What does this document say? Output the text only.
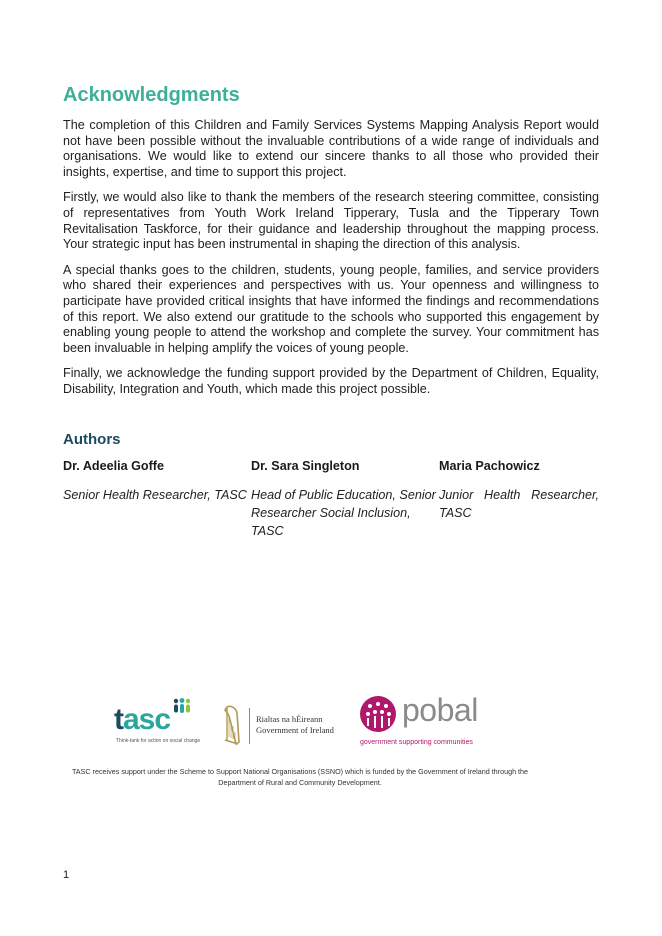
Acknowledgments

The completion of this Children and Family Services Systems Mapping Analysis Report would not have been possible without the invaluable contributions of a wide range of individuals and organisations. We would like to extend our sincere thanks to all those who provided their insights, expertise, and time to support this project.

Firstly, we would also like to thank the members of the research steering committee, consisting of representatives from Youth Work Ireland Tipperary, Tusla and the Tipperary Town Revitalisation Taskforce, for their guidance and leadership throughout the mapping process. Your strategic input has been instrumental in shaping the direction of this analysis.

A special thanks goes to the children, students, young people, families, and service providers who shared their experiences and perspectives with us. Your openness and willingness to participate have provided critical insights that have informed the findings and recommendations of this report. We also extend our gratitude to the schools who supported this engagement by enabling young people to attend the workshop and complete the survey. Your commitment has been invaluable in helping amplify the voices of young people.

Finally, we acknowledge the funding support provided by the Department of Children, Equality, Disability, Integration and Youth, which made this project possible.

Authors

Dr. Adeelia Goffe

Senior Health Researcher, TASC

Dr. Sara Singleton

Head of Public Education, Senior Researcher Social Inclusion, TASC

Maria Pachowicz

Junior Health Researcher, TASC

tasc
Think-tank for action on social change
Rialtas na hÉireann
Government of Ireland
pobal
government supporting communities
TASC receives support under the Scheme to Support National Organisations (SSNO) which is funded by the Government of Ireland through the Department of Rural and Community Development.
1
